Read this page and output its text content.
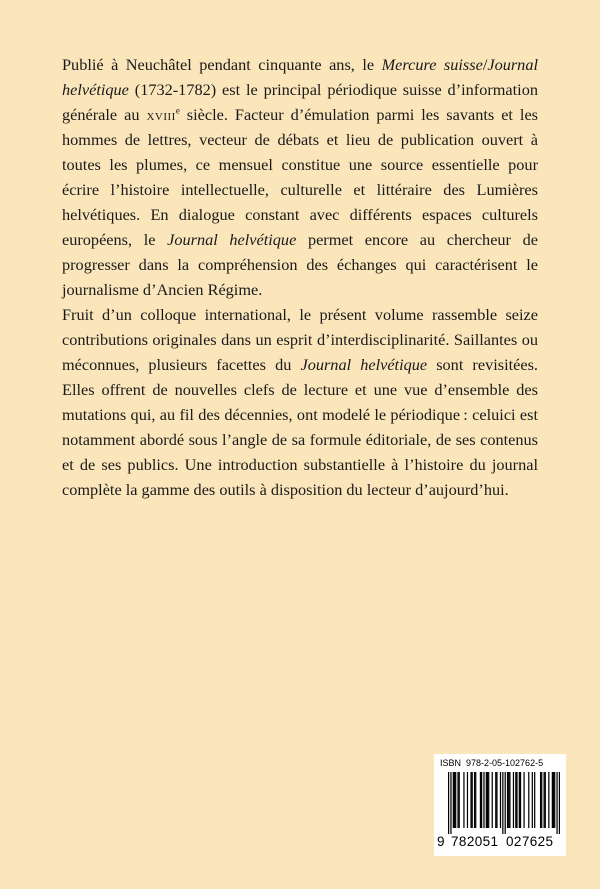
Publié à Neuchâtel pendant cinquante ans, le Mercure suisse/Journal helvétique (1732-1782) est le principal périodique suisse d’information générale au xviii$^e$ siècle. Facteur d’émulation parmi les savants et les hommes de lettres, vecteur de débats et lieu de publication ouvert à toutes les plumes, ce mensuel constitue une source essentielle pour écrire l’histoire intellectuelle, culturelle et littéraire des Lumières helvétiques. En dialogue constant avec différents espaces culturels européens, le Journal helvétique permet encore au chercheur de progresser dans la compréhension des échanges qui caractérisent le journalisme d’Ancien Régime.

Fruit d’un colloque international, le présent volume rassemble seize contributions originales dans un esprit d’interdisciplinarité. Saillantes ou méconnues, plusieurs facettes du Journal helvétique sont revisitées. Elles offrent de nouvelles clefs de lecture et une vue d’ensemble des mutations qui, au fil des décennies, ont modelé le périodique : celuici est notamment abordé sous l’angle de sa formule éditoriale, de ses contenus et de ses publics. Une introduction substantielle à l’histoire du journal complète la gamme des outils à disposition du lecteur d’aujourd’hui.

ISBN 978-2-05-102762-5
9 782051 027625
